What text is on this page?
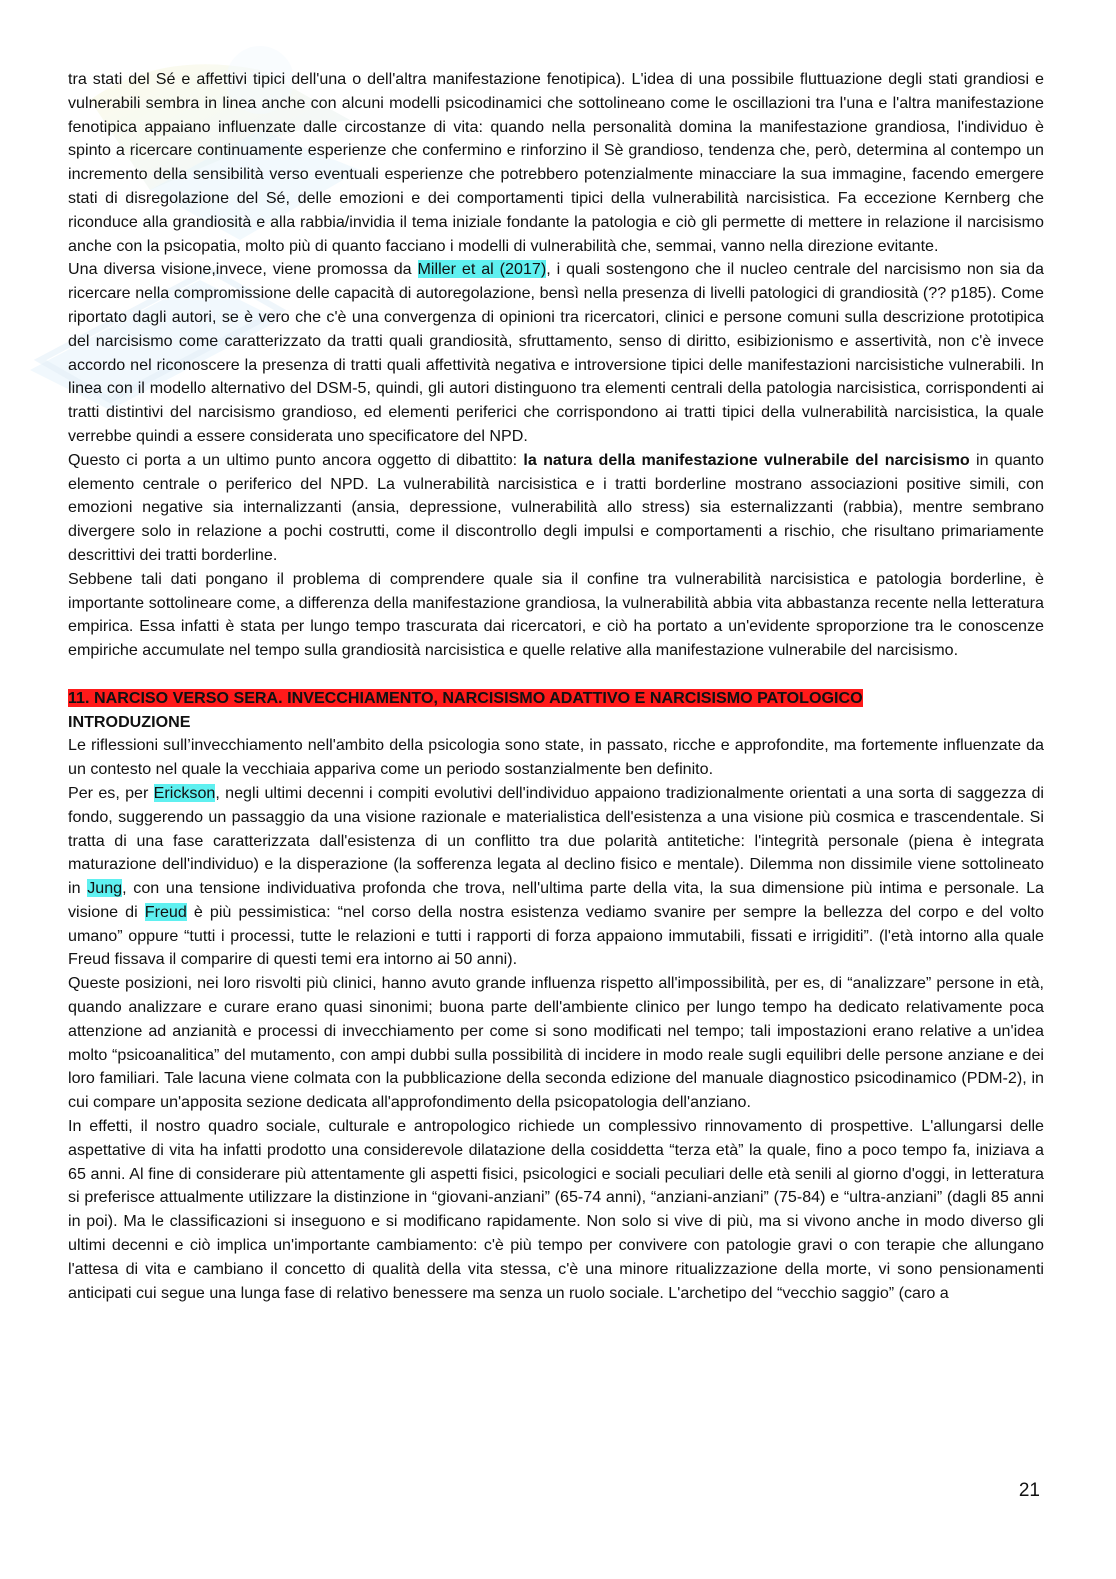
tra stati del Sé e affettivi tipici dell'una o dell'altra manifestazione fenotipica). L'idea di una possibile fluttuazione degli stati grandiosi e vulnerabili sembra in linea anche con alcuni modelli psicodinamici che sottolineano come le oscillazioni tra l'una e l'altra manifestazione fenotipica appaiano influenzate dalle circostanze di vita: quando nella personalità domina la manifestazione grandiosa, l'individuo è spinto a ricercare continuamente esperienze che confermino e rinforzino il Sè grandioso, tendenza che, però, determina al contempo un incremento della sensibilità verso eventuali esperienze che potrebbero potenzialmente minacciare la sua immagine, facendo emergere stati di disregolazione del Sé, delle emozioni e dei comportamenti tipici della vulnerabilità narcisistica. Fa eccezione Kernberg che riconduce alla grandiosità e alla rabbia/invidia il tema iniziale fondante la patologia e ciò gli permette di mettere in relazione il narcisismo anche con la psicopatia, molto più di quanto facciano i modelli di vulnerabilità che, semmai, vanno nella direzione evitante.

Una diversa visione,invece, viene promossa da Miller et al (2017), i quali sostengono che il nucleo centrale del narcisismo non sia da ricercare nella compromissione delle capacità di autoregolazione, bensì nella presenza di livelli patologici di grandiosità (?? p185). Come riportato dagli autori, se è vero che c'è una convergenza di opinioni tra ricercatori, clinici e persone comuni sulla descrizione prototipica del narcisismo come caratterizzato da tratti quali grandiosità, sfruttamento, senso di diritto, esibizionismo e assertività, non c'è invece accordo nel riconoscere la presenza di tratti quali affettività negativa e introversione tipici delle manifestazioni narcisistiche vulnerabili. In linea con il modello alternativo del DSM-5, quindi, gli autori distinguono tra elementi centrali della patologia narcisistica, corrispondenti ai tratti distintivi del narcisismo grandioso, ed elementi periferici che corrispondono ai tratti tipici della vulnerabilità narcisistica, la quale verrebbe quindi a essere considerata uno specificatore del NPD.

Questo ci porta a un ultimo punto ancora oggetto di dibattito: la natura della manifestazione vulnerabile del narcisismo in quanto elemento centrale o periferico del NPD. La vulnerabilità narcisistica e i tratti borderline mostrano associazioni positive simili, con emozioni negative sia internalizzanti (ansia, depressione, vulnerabilità allo stress) sia esternalizzanti (rabbia), mentre sembrano divergere solo in relazione a pochi costrutti, come il discontrollo degli impulsi e comportamenti a rischio, che risultano primariamente descrittivi dei tratti borderline.

Sebbene tali dati pongano il problema di comprendere quale sia il confine tra vulnerabilità narcisistica e patologia borderline, è importante sottolineare come, a differenza della manifestazione grandiosa, la vulnerabilità abbia vita abbastanza recente nella letteratura empirica. Essa infatti è stata per lungo tempo trascurata dai ricercatori, e ciò ha portato a un'evidente sproporzione tra le conoscenze empiriche accumulate nel tempo sulla grandiosità narcisistica e quelle relative alla manifestazione vulnerabile del narcisismo.

11. NARCISO VERSO SERA. INVECCHIAMENTO, NARCISISMO ADATTIVO E NARCISISMO PATOLOGICO

INTRODUZIONE

Le riflessioni sull’invecchiamento nell'ambito della psicologia sono state, in passato, ricche e approfondite, ma fortemente influenzate da un contesto nel quale la vecchiaia appariva come un periodo sostanzialmente ben definito.

Per es, per Erickson, negli ultimi decenni i compiti evolutivi dell'individuo appaiono tradizionalmente orientati a una sorta di saggezza di fondo, suggerendo un passaggio da una visione razionale e materialistica dell'esistenza a una visione più cosmica e trascendentale. Si tratta di una fase caratterizzata dall'esistenza di un conflitto tra due polarità antitetiche: l'integrità personale (piena è integrata maturazione dell'individuo) e la disperazione (la sofferenza legata al declino fisico e mentale). Dilemma non dissimile viene sottolineato in Jung, con una tensione individuativa profonda che trova, nell'ultima parte della vita, la sua dimensione più intima e personale. La visione di Freud è più pessimistica: “nel corso della nostra esistenza vediamo svanire per sempre la bellezza del corpo e del volto umano” oppure “tutti i processi, tutte le relazioni e tutti i rapporti di forza appaiono immutabili, fissati e irrigiditi”. (l'età intorno alla quale Freud fissava il comparire di questi temi era intorno ai 50 anni).

Queste posizioni, nei loro risvolti più clinici, hanno avuto grande influenza rispetto all'impossibilità, per es, di “analizzare” persone in età, quando analizzare e curare erano quasi sinonimi; buona parte dell'ambiente clinico per lungo tempo ha dedicato relativamente poca attenzione ad anzianità e processi di invecchiamento per come si sono modificati nel tempo; tali impostazioni erano relative a un'idea molto “psicoanalitica” del mutamento, con ampi dubbi sulla possibilità di incidere in modo reale sugli equilibri delle persone anziane e dei loro familiari. Tale lacuna viene colmata con la pubblicazione della seconda edizione del manuale diagnostico psicodinamico (PDM-2), in cui compare un'apposita sezione dedicata all'approfondimento della psicopatologia dell'anziano.

In effetti, il nostro quadro sociale, culturale e antropologico richiede un complessivo rinnovamento di prospettive. L'allungarsi delle aspettative di vita ha infatti prodotto una considerevole dilatazione della cosiddetta “terza età” la quale, fino a poco tempo fa, iniziava a 65 anni. Al fine di considerare più attentamente gli aspetti fisici, psicologici e sociali peculiari delle età senili al giorno d'oggi, in letteratura si preferisce attualmente utilizzare la distinzione in “giovani-anziani” (65-74 anni), “anziani-anziani” (75-84) e “ultra-anziani” (dagli 85 anni in poi). Ma le classificazioni si inseguono e si modificano rapidamente. Non solo si vive di più, ma si vivono anche in modo diverso gli ultimi decenni e ciò implica un'importante cambiamento: c'è più tempo per convivere con patologie gravi o con terapie che allungano l'attesa di vita e cambiano il concetto di qualità della vita stessa, c'è una minore ritualizzazione della morte, vi sono pensionamenti anticipati cui segue una lunga fase di relativo benessere ma senza un ruolo sociale. L'archetipo del “vecchio saggio” (caro a

21
